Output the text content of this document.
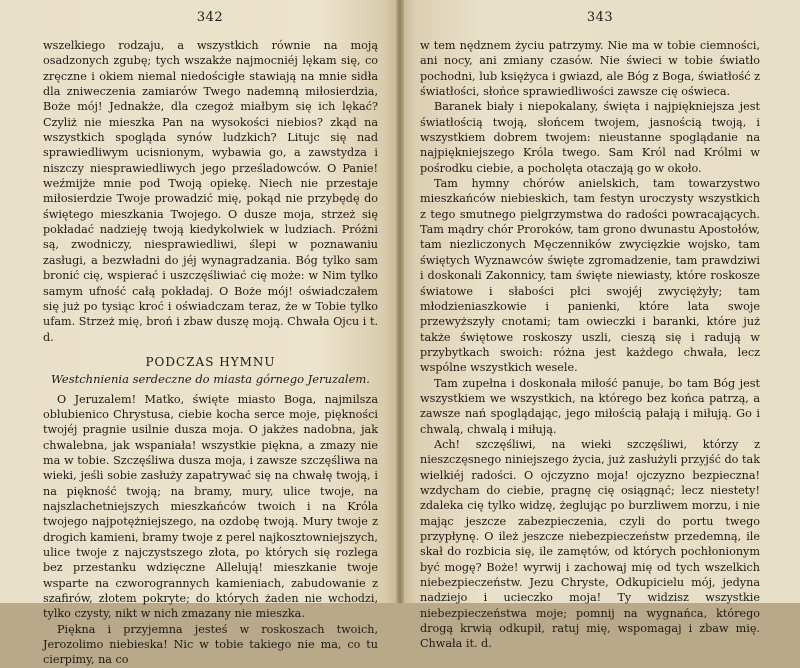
342

wszelkiego rodzaju, a wszystkich równie na moją osadzonych zgubę; tych wszakże najmocniéj lękam się, co zręczne i okiem niemal niedościgłe stawiają na mnie sidła dla zniweczenia zamiarów Twego nademną miłosierdzia, Boże mój! Jednakże, dla czegoż miałbym się ich lękać? Czyliż nie mieszka Pan na wysokości niebios? zkąd na wszystkich spogląda synów ludzkich? Litujc się nad sprawiedliwym ucisnionym, wybawia go, a zawstydza i niszczy niesprawiedliwych jego prześladowców. O Panie! weźmijże mnie pod Twoją opiekę. Niech nie przestaje miłosierdzie Twoje prowadzić mię, pokąd nie przybędę do świętego mieszkania Twojego. O dusze moja, strzeż się pokładać nadzieję twoją kiedykolwiek w ludziach. Próżni są, zwodniczy, niesprawiedliwi, ślepi w poznawaniu zasługi, a bezwładni do jéj wynagradzania. Bóg tylko sam bronić cię, wspierać i uszczęśliwiać cię może: w Nim tylko samym ufność całą pokładaj. O Boże mój! oświadczałem się już po tysiąc kroć i oświadczam teraz, że w Tobie tylko ufam. Strzeż mię, broń i zbaw duszę moją. Chwała Ojcu i t. d.

PODCZAS HYMNU
Westchnienia serdeczne do miasta górnego Jeruzalem.

O Jeruzalem! Matko, święte miasto Boga, najmilsza oblubienico Chrystusa, ciebie kocha serce moje, piękności twojéj pragnie usilnie dusza moja. O jakżes nadobna, jak chwalebna, jak wspaniała! wszystkie piękna, a zmazy nie ma w tobie. Szczęśliwa dusza moja, i zawsze szczęśliwa na wieki, jeśli sobie zasłuży zapatrywać się na chwałę twoją, i na piękność twoją; na bramy, mury, ulice twoje, na najszlachetniejszych mieszkańców twoich i na Króla twojego najpotężniejszego, na ozdobę twoją. Mury twoje z drogich kamieni, bramy twoje z perel najkosztowniejszych, ulice twoje z najczystszego złota, po których się rozlega bez przestanku wdzięczne Allelują! mieszkanie twoje wsparte na czworogrannych kamieniach, zabudowanie z szafirów, złotem pokryte; do których żaden nie wchodzi, tylko czysty, nikt w nich zmazany nie mieszka.

Piękna i przyjemna jesteś w roskoszach twoich, Jerozolimo niebieska! Nic w tobie takiego nie ma, co tu cierpimy, na co

343

w tem nędznem życiu patrzymy. Nie ma w tobie ciemności, ani nocy, ani zmiany czasów. Nie świeci w tobie światło pochodni, lub księżyca i gwiazd, ale Bóg z Boga, światłość z światłości, słońce sprawiedliwości zawsze cię oświeca.

Baranek biały i niepokalany, święta i najpiękniejsza jest światłością twoją, słońcem twojem, jasnością twoją, i wszystkiem dobrem twojem: nieustanne spoglądanie na najpiękniejszego Króla twego. Sam Król nad Królmi w pośrodku ciebie, a pocholęta otaczają go w około.

Tam hymny chórów anielskich, tam towarzystwo mieszkańców niebieskich, tam festyn uroczysty wszystkich z tego smutnego pielgrzymstwa do radości powracających. Tam mądry chór Proroków, tam grono dwunastu Apostołów, tam niezliczonych Męczenników zwycięzkie wojsko, tam świętych Wyznawców święte zgromadzenie, tam prawdziwi i doskonali Zakonnicy, tam święte niewiasty, które roskosze światowe i słabości płci swojéj zwyciężyły; tam młodzieniaszkowie i panienki, które lata swoje przewyższyły cnotami; tam owieczki i baranki, które już także świętowe roskoszy uszli, cieszą się i radują w przybytkach swoich: różna jest każdego chwała, lecz wspólne wszystkich wesele.

Tam zupełna i doskonała miłość panuje, bo tam Bóg jest wszystkiem we wszystkich, na którego bez końca patrzą, a zawsze nań spoglądając, jego miłością pałają i miłują. Go i chwalą, chwalą i miłują.

Ach! szczęśliwi, na wieki szczęśliwi, którzy z nieszczęsnego niniejszego życia, już zasłużyli przyjść do tak wielkiéj radości. O ojczyzno moja! ojczyzno bezpieczna! wzdycham do ciebie, pragnę cię osiągnąć; lecz niestety! zdaleka cię tylko widzę, żeglując po burzliwem morzu, i nie mając jeszcze zabezpieczenia, czyli do portu twego przypłynę. O ileż jeszcze niebezpieczeństw przedemną, ile skał do rozbicia się, ile zamętów, od których pochłonionym być mogę? Boże! wyrwij i zachowaj mię od tych wszelkich niebezpieczeństw. Jezu Chryste, Odkupicielu mój, jedyna nadziejo i ucieczko moja! Ty widzisz wszystkie niebezpieczeństwa moje; pomnij na wygnańca, którego drogą krwią odkupił, ratuj mię, wspomagaj i zbaw mię. Chwała it. d.
